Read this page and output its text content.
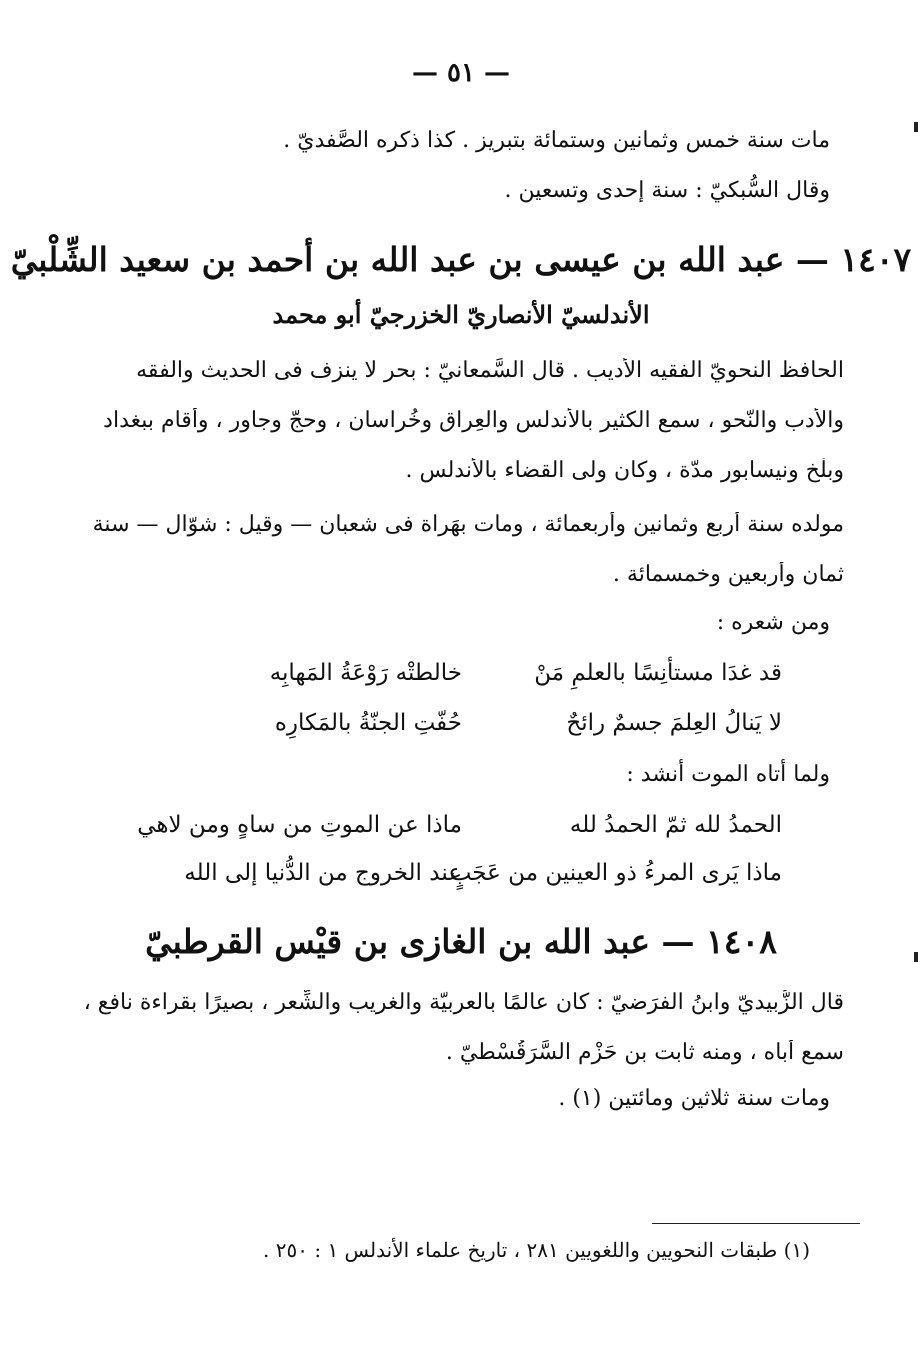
— ٥١ —
مات سنة خمس وثمانين وستمائة بتبريز . كذا ذكره الصَّفديّ .
وقال السُّبكيّ : سنة إحدى وتسعين .
١٤٠٧ — عبد الله بن عيسى بن عبد الله بن أحمد بن سعيد الشِّلْبيّ
الأندلسيّ الأنصاريّ الخزرجيّ أبو محمد
الحافظ النحويّ الفقيه الأديب . قال السَّمعانيّ : بحر لا ينزف فى الحديث والفقه
والأدب والنّحو ، سمع الكثير بالأندلس والعِراق وخُراسان ، وحجّ وجاور ، وأقام ببغداد
وبلْخ ونيسابور مدّة ، وكان ولى القضاء بالأندلس .
مولده سنة أربع وثمانين وأربعمائة ، ومات بهَراة فى شعبان — وقيل : شوّال — سنة
ثمان وأربعين وخمسمائة .
ومن شعره :
قد غدَا مستأنِسًا بالعلمِ مَنْ
خالطتْه رَوْعَةُ المَهابِه
لا يَنالُ العِلمَ جسمٌ رائحٌ
حُفّتِ الجنّةُ بالمَكارِه
ولما أتاه الموت أنشد :
الحمدُ لله ثمّ الحمدُ لله
ماذا عن الموتِ من ساهٍ ومن لاهي
ماذا يَرى المرءُ ذو العينين من عَجَبٍ
عند الخروج من الدُّنيا إلى الله
١٤٠٨ — عبد الله بن الغازى بن قيْس القرطبيّ
قال الزُّبيديّ وابنُ الفرَضيّ : كان عالمًا بالعربيّة والغريب والشِّعر ، بصيرًا بقراءة نافع ،
سمع أباه ، ومنه ثابت بن حَزْم السَّرَقُسْطيّ .
ومات سنة ثلاثين ومائتين (١) .
(١) طبقات النحويين واللغويين ٢٨١ ، تاريخ علماء الأندلس ١ : ٢٥٠ .
